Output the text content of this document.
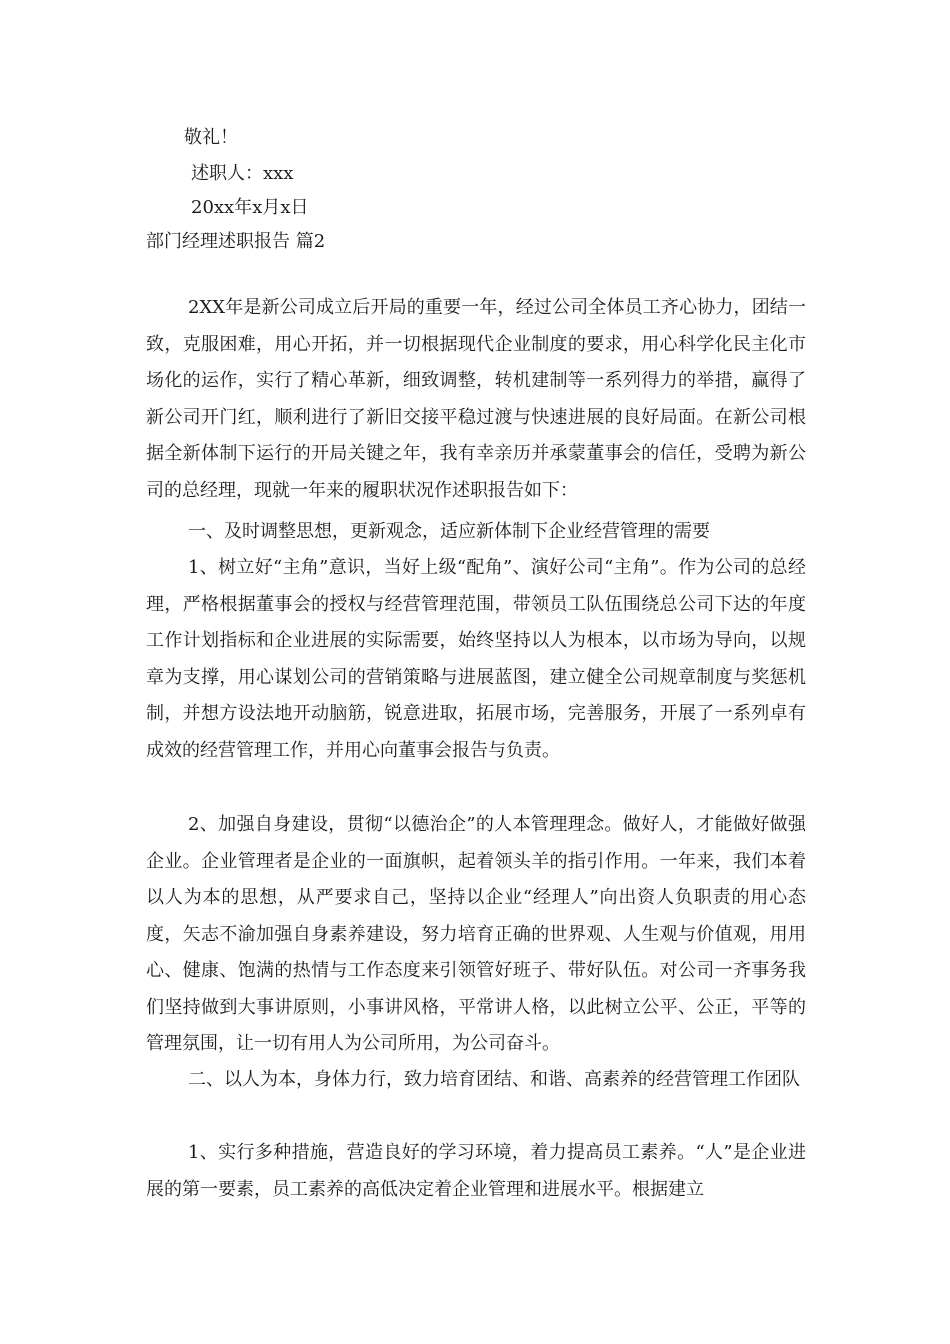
敬礼！
述职人：xxx
20xx年x月x日
部门经理述职报告 篇2

2XX年是新公司成立后开局的重要一年，经过公司全体员工齐心协力，团结一致，克服困难，用心开拓，并一切根据现代企业制度的要求，用心科学化民主化市场化的运作，实行了精心革新，细致调整，转机建制等一系列得力的举措，赢得了新公司开门红，顺利进行了新旧交接平稳过渡与快速进展的良好局面。在新公司根据全新体制下运行的开局关键之年，我有幸亲历并承蒙董事会的信任，受聘为新公司的总经理，现就一年来的履职状况作述职报告如下：

一、及时调整思想，更新观念，适应新体制下企业经营管理的需要

1、树立好“主角”意识，当好上级“配角”、演好公司“主角”。作为公司的总经理，严格根据董事会的授权与经营管理范围，带领员工队伍围绕总公司下达的年度工作计划指标和企业进展的实际需要，始终坚持以人为根本，以市场为导向，以规章为支撑，用心谋划公司的营销策略与进展蓝图，建立健全公司规章制度与奖惩机制，并想方设法地开动脑筋，锐意进取，拓展市场，完善服务，开展了一系列卓有成效的经营管理工作，并用心向董事会报告与负责。

2、加强自身建设，贯彻“以德治企”的人本管理理念。做好人，才能做好做强企业。企业管理者是企业的一面旗帜，起着领头羊的指引作用。一年来，我们本着以人为本的思想，从严要求自己，坚持以企业“经理人”向出资人负职责的用心态度，矢志不渝加强自身素养建设，努力培育正确的世界观、人生观与价值观，用用心、健康、饱满的热情与工作态度来引领管好班子、带好队伍。对公司一齐事务我们坚持做到大事讲原则，小事讲风格，平常讲人格，以此树立公平、公正，平等的管理氛围，让一切有用人为公司所用，为公司奋斗。

二、以人为本，身体力行，致力培育团结、和谐、高素养的经营管理工作团队

1、实行多种措施，营造良好的学习环境，着力提高员工素养。“人”是企业进展的第一要素，员工素养的高低决定着企业管理和进展水平。根据建立
